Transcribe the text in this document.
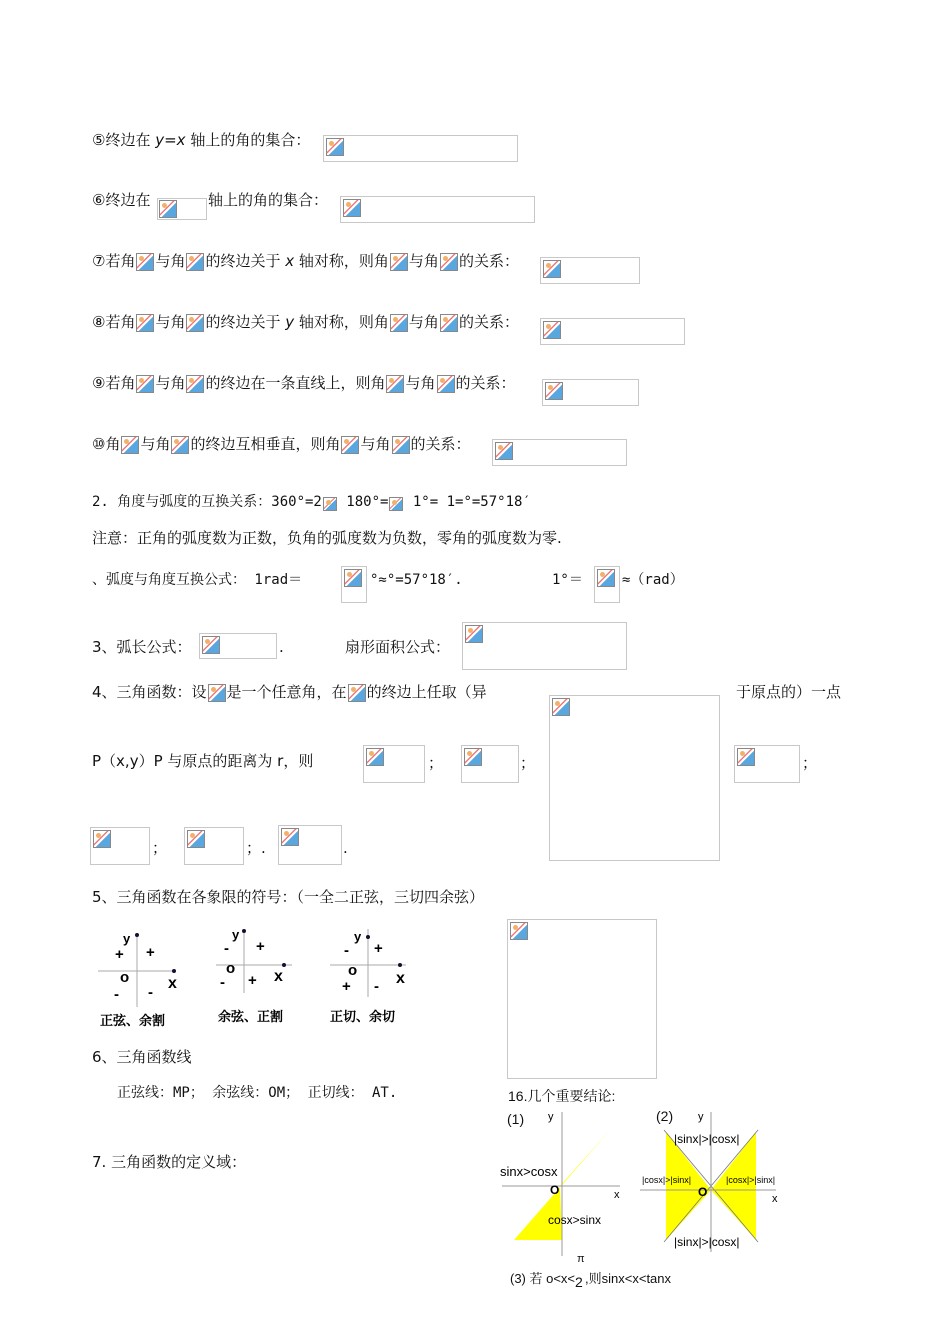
⑤终边在 y=x 轴上的角的集合：
⑥终边在	轴上的角的集合：
⑦若角 与角 的终边关于 x 轴对称，则角 与角 的关系：
⑧若角 与角 的终边关于 y 轴对称，则角 与角 的关系：
⑨若角 与角 的终边在一条直线上，则角 与角 的关系：
⑩角 与角 的终边互相垂直，则角 与角 的关系：
2. 角度与弧度的互换关系：360°=2 180°= 1°= 1=°=57°18′
注意：正角的弧度数为正数，负角的弧度数为负数，零角的弧度数为零.
、弧度与角度互换公式： 1rad＝	°≈°=57°18′.	1°＝	≈（rad）
3、弧长公式：	.	扇形面积公式：
4、三角函数：设 是一个任意角，在 的终边上任取（异	于原点的）一点
P（x,y）P 与原点的距离为 r，则	；	；	；
；	；.	.
5、三角函数在各象限的符号：（一全二正弦，三切四余弦）
y
x
o
+
+
- -
正弦、余割
y
x
o
+
-
- +
余弦、正割
y
x
o
+
-
+ -
正切、余切
6、三角函数线
正弦线：MP； 余弦线：OM； 正切线： AT.
7. 三角函数的定义域：
16.几个重要结论:
y
x
O
sinx>cosx
cosx>sinx
(1)	y
x
O
|sinx|>|cosx|
|sinx|>|cosx|
|cosx|>|sinx|	|cosx|>|sinx|
(2)
(3) 若 o<x<
π
2 ,则sinx<x<tanx
